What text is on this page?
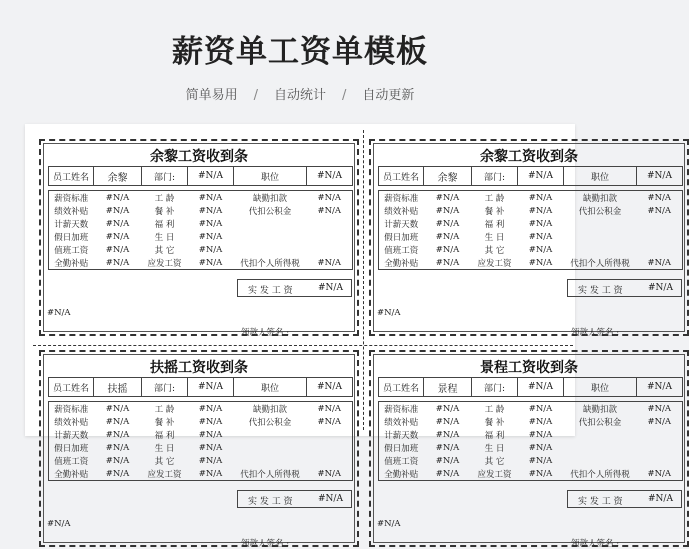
薪资单工资单模板
简单易用 / 自动统计 / 自动更新
余黎工资收到条
员工姓名	余黎	部门:	#N/A	职位	#N/A
薪资标准	#N/A	工 龄	#N/A	缺勤扣款	#N/A
绩效补贴	#N/A	餐 补	#N/A	代扣公积金	#N/A
计薪天数	#N/A	福 利	#N/A		
假日加班	#N/A	生 日	#N/A		
值班工资	#N/A	其 它	#N/A		
全勤补贴	#N/A	应发工资	#N/A	代扣个人所得税	#N/A
实 发 工 资	#N/A
#N/A
领款人签名 :
余黎工资收到条
员工姓名	余黎	部门:	#N/A	职位	#N/A
薪资标准	#N/A	工 龄	#N/A	缺勤扣款	#N/A
绩效补贴	#N/A	餐 补	#N/A	代扣公积金	#N/A
计薪天数	#N/A	福 利	#N/A		
假日加班	#N/A	生 日	#N/A		
值班工资	#N/A	其 它	#N/A		
全勤补贴	#N/A	应发工资	#N/A	代扣个人所得税	#N/A
实 发 工 资	#N/A
#N/A
领款人签名 :
扶摇工资收到条
员工姓名	扶摇	部门:	#N/A	职位	#N/A
薪资标准	#N/A	工 龄	#N/A	缺勤扣款	#N/A
绩效补贴	#N/A	餐 补	#N/A	代扣公积金	#N/A
计薪天数	#N/A	福 利	#N/A		
假日加班	#N/A	生 日	#N/A		
值班工资	#N/A	其 它	#N/A		
全勤补贴	#N/A	应发工资	#N/A	代扣个人所得税	#N/A
实 发 工 资	#N/A
#N/A
领款人签名 :
景程工资收到条
员工姓名	景程	部门:	#N/A	职位	#N/A
薪资标准	#N/A	工 龄	#N/A	缺勤扣款	#N/A
绩效补贴	#N/A	餐 补	#N/A	代扣公积金	#N/A
计薪天数	#N/A	福 利	#N/A		
假日加班	#N/A	生 日	#N/A		
值班工资	#N/A	其 它	#N/A		
全勤补贴	#N/A	应发工资	#N/A	代扣个人所得税	#N/A
实 发 工 资	#N/A
#N/A
领款人签名 :
